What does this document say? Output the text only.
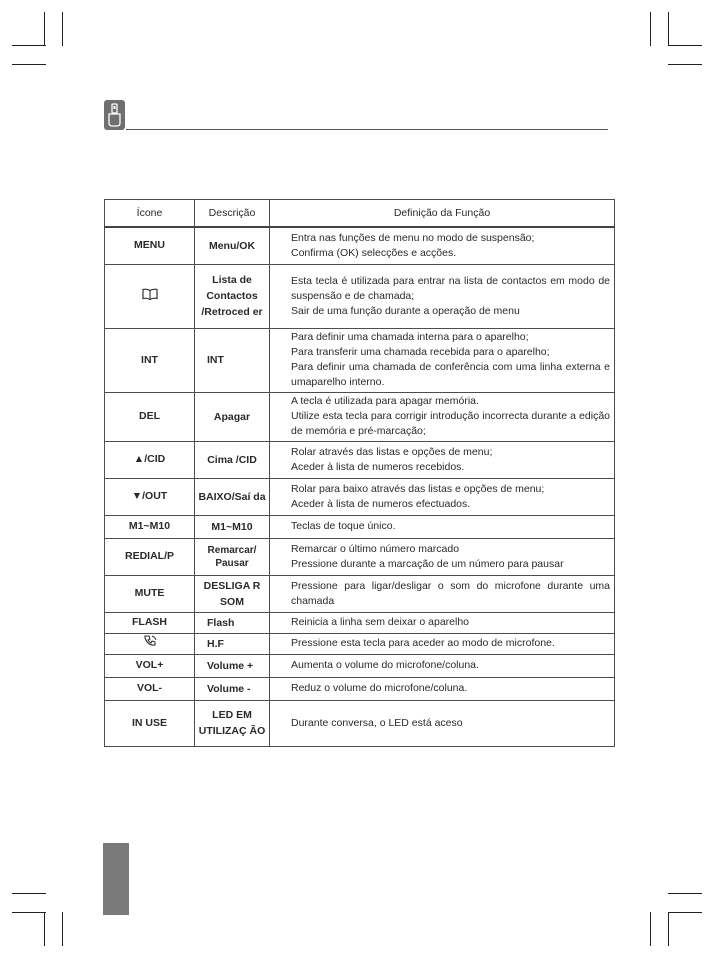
Ícone	Descrição	Definição da Função
MENU	Menu/OK	Entra nas funções de menu no modo de suspensão;
Confirma (OK) selecções e acções.

	Lista de Contactos /Retroced er	Esta tecla é utilizada para entrar na lista de contactos em modo de suspensão e de chamada;
Sair de uma função durante a operação de menu

INT	INT	Para definir uma chamada interna para o aparelho;
Para transferir uma chamada recebida para o aparelho;
Para definir uma chamada de conferência com uma linha externa e umaparelho interno.

DEL	Apagar	A tecla é utilizada para apagar memória.
Utilize esta tecla para corrigir introdução incorrecta durante a edição de memória e pré-marcação;

▲/CID	Cima /CID	Rolar através das listas e opções de menu;
Aceder à lista de numeros recebidos.

▼/OUT	BAIXO/Saí da	Rolar para baixo através das listas e opções de menu;
Aceder à lista de numeros efectuados.

M1~M10	M1~M10	Teclas de toque único.

REDIAL/P	Remarcar/ Pausar	Remarcar o último número marcado
Pressione durante a marcação de um número para pausar

MUTE	DESLIGA R SOM	Pressione para ligar/desligar o som do microfone durante uma chamada

FLASH	Flash	Reinicia a linha sem deixar o aparelho

	H.F	Pressione esta tecla para aceder ao modo de microfone.

VOL+	Volume +	Aumenta o volume do microfone/coluna.

VOL-	Volume -	Reduz o volume do microfone/coluna.

IN USE	LED EM UTILIZAÇ ÃO	Durante conversa, o LED está aceso
